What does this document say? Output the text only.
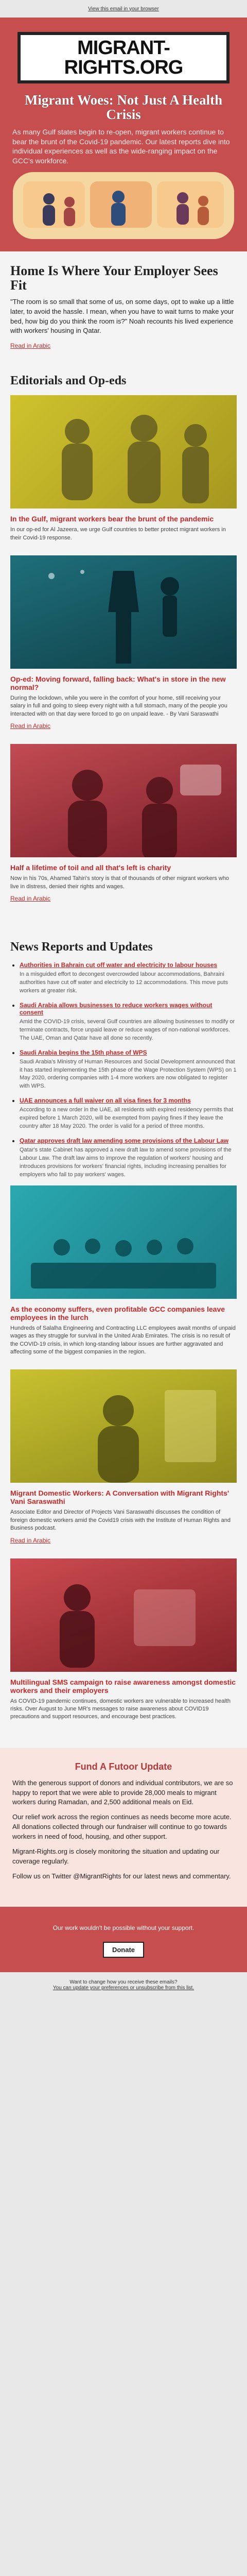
View this email in your browser
MIGRANT-RIGHTS.ORG
Migrant Woes: Not Just A Health Crisis

As many Gulf states begin to re-open, migrant workers continue to bear the brunt of the Covid-19 pandemic. Our latest reports dive into individual experiences as well as the wide-ranging impact on the GCC's workforce.

Home Is Where Your Employer Sees Fit

"The room is so small that some of us, on some days, opt to wake up a little later, to avoid the hassle. I mean, when you have to wait turns to make your bed, how big do you think the room is?" Noah recounts his lived experience with workers' housing in Qatar.

Read in Arabic
Editorials and Op-eds
In the Gulf, migrant workers bear the brunt of the pandemic

In our op-ed for Al Jazeera, we urge Gulf countries to better protect migrant workers in their Covid-19 response.

Op-ed: Moving forward, falling back: What's in store in the new normal?

During the lockdown, while you were in the comfort of your home, still receiving your salary in full and going to sleep every night with a full stomach, many of the people you interacted with on that day were forced to go on unpaid leave. - By Vani Saraswathi

Read in Arabic
Half a lifetime of toil and all that's left is charity

Now in his 70s, Ahamed Tahiri's story is that of thousands of other migrant workers who live in distress, denied their rights and wages.

Read in Arabic
News Reports and Updates
• Authorities in Bahrain cut off water and electricity to labour houses

In a misguided effort to decongest overcrowded labour accommodations, Bahraini authorities have cut off water and electricity to 12 accommodations. This move puts workers at greater risk.

• Saudi Arabia allows businesses to reduce workers wages without consent

Amid the COVID-19 crisis, several Gulf countries are allowing businesses to modify or terminate contracts, force unpaid leave or reduce wages of non-national workforces. The UAE, Oman and Qatar have all done so recently.

• Saudi Arabia begins the 15th phase of WPS

Saudi Arabia's Ministry of Human Resources and Social Development announced that it has started implementing the 15th phase of the Wage Protection System (WPS) on 1 May 2020, ordering companies with 1-4 more workers are now obligated to register with WPS.

• UAE announces a full waiver on all visa fines for 3 months

According to a new order in the UAE, all residents with expired residency permits that expired before 1 March 2020, will be exempted from paying fines if they leave the country after 18 May 2020. The order is valid for a period of three months.

• Qatar approves draft law amending some provisions of the Labour Law

Qatar's state Cabinet has approved a new draft law to amend some provisions of the Labour Law. The draft law aims to improve the regulation of workers' housing and introduces provisions for workers' financial rights, including increasing penalties for employers who fail to pay workers' wages.

As the economy suffers, even profitable GCC companies leave employees in the lurch

Hundreds of Salalha Engineering and Contracting LLC employees await months of unpaid wages as they struggle for survival in the United Arab Emirates. The crisis is no result of the COVID-19 crisis, in which long-standing labour issues are further aggravated and affecting some of the biggest companies in the region.

Migrant Domestic Workers: A Conversation with Migrant Rights' Vani Saraswathi

Associate Editor and Director of Projects Vani Saraswathi discusses the condition of foreign domestic workers amid the Covid19 crisis with the Institute of Human Rights and Business podcast.

Read in Arabic
Multilingual SMS campaign to raise awareness amongst domestic workers and their employers

As COVID-19 pandemic continues, domestic workers are vulnerable to increased health risks. Over August to June MR's messages to raise awareness about COVID19 precautions and support resources, and encourage best practices.

Fund A Futoor Update

With the generous support of donors and individual contributors, we are so happy to report that we were able to provide 28,000 meals to migrant workers during Ramadan, and 2,500 additional meals on Eid.

Our relief work across the region continues as needs become more acute. All donations collected through our fundraiser will continue to go towards workers in need of food, housing, and other support.

Migrant-Rights.org is closely monitoring the situation and updating our coverage regularly.

Follow us on Twitter @MigrantRights for our latest news and commentary.

Our work wouldn't be possible without your support.
Donate
Want to change how you receive these emails?
You can update your preferences or unsubscribe from this list.
